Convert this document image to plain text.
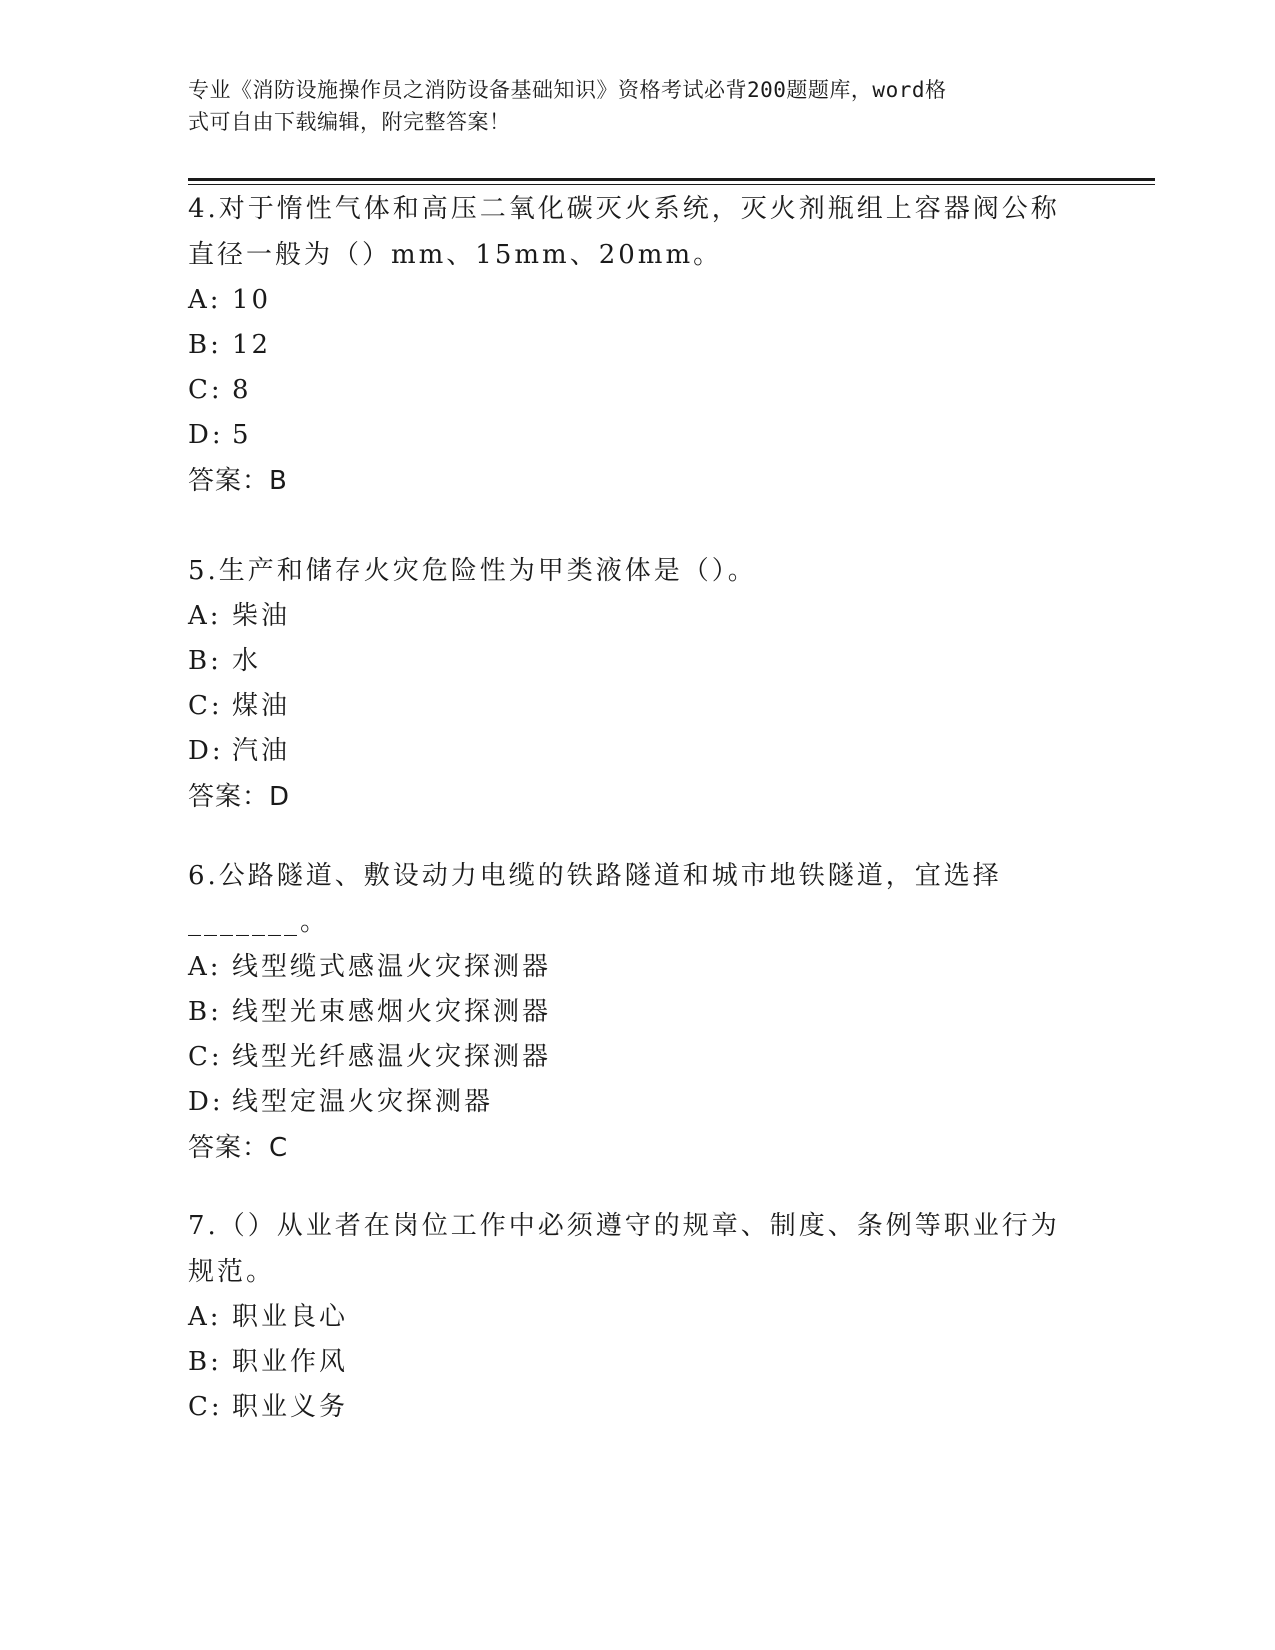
专业《消防设施操作员之消防设备基础知识》资格考试必背200题题库，word格
式可自由下载编辑，附完整答案！

4.对于惰性气体和高压二氧化碳灭火系统，灭火剂瓶组上容器阀公称

直径一般为（）mm、15mm、20mm。

A: 10

B: 12

C: 8

D: 5

答案：B

5.生产和储存火灾危险性为甲类液体是（）。

A: 柴油

B: 水

C: 煤油

D: 汽油

答案：D

6.公路隧道、敷设动力电缆的铁路隧道和城市地铁隧道，宜选择

_______。

A: 线型缆式感温火灾探测器

B: 线型光束感烟火灾探测器

C: 线型光纤感温火灾探测器

D: 线型定温火灾探测器

答案：C

7.（）从业者在岗位工作中必须遵守的规章、制度、条例等职业行为

规范。

A: 职业良心

B: 职业作风

C: 职业义务
